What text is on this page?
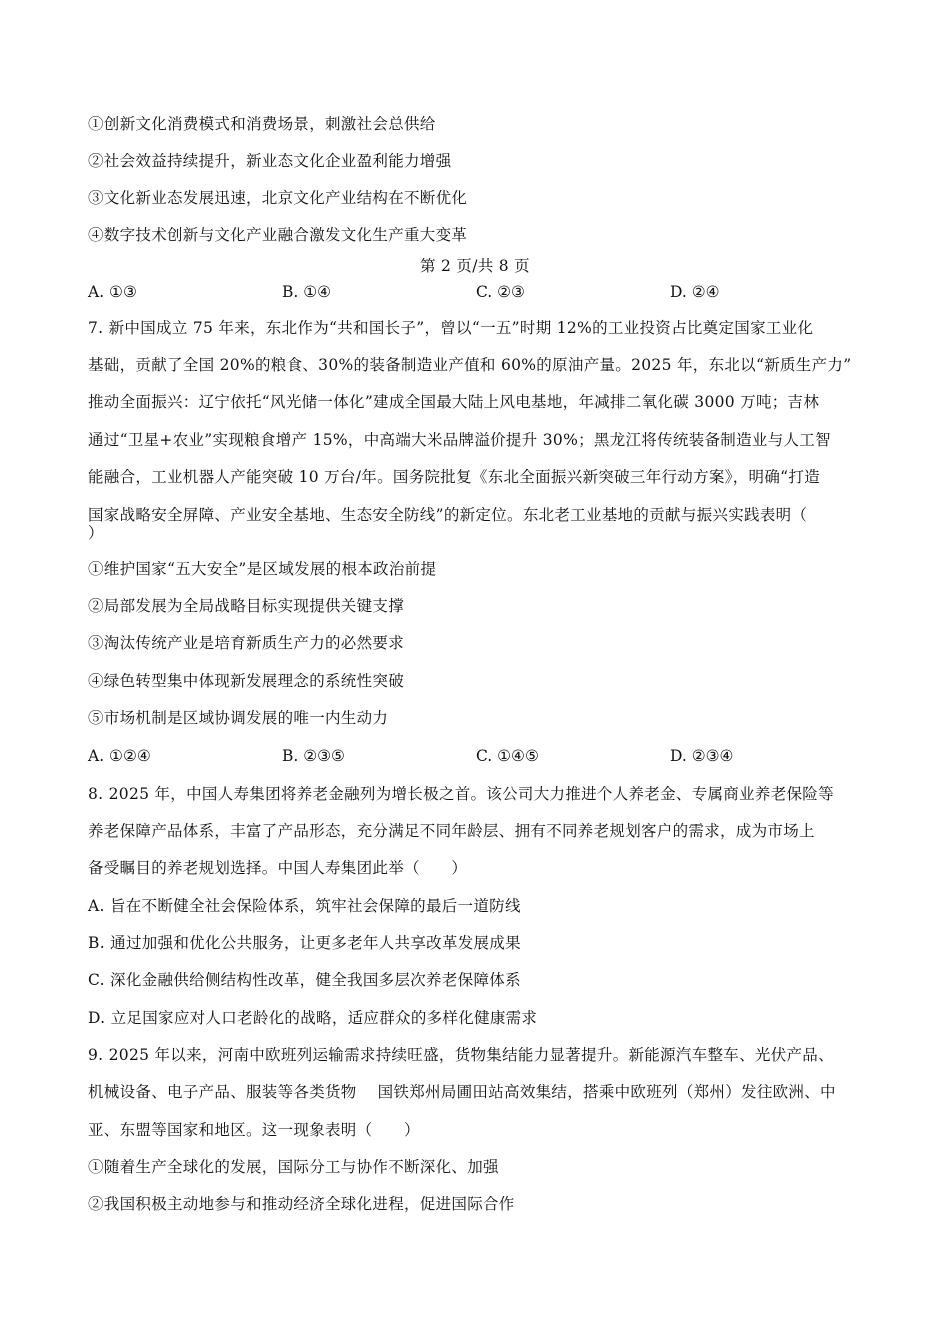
①创新文化消费模式和消费场景，刺激社会总供给
②社会效益持续提升，新业态文化企业盈利能力增强
③文化新业态发展迅速，北京文化产业结构在不断优化
④数字技术创新与文化产业融合激发文化生产重大变革
第 2 页/共 8 页
A. ①③	B. ①④	C. ②③	D. ②④
7. 新中国成立 75 年来，东北作为“共和国长子”，曾以“一五”时期 12%的工业投资占比奠定国家工业化
基础，贡献了全国 20%的粮食、30%的装备制造业产值和 60%的原油产量。2025 年，东北以“新质生产力”
推动全面振兴：辽宁依托“风光储一体化”建成全国最大陆上风电基地，年减排二氧化碳 3000 万吨；吉林
通过“卫星+农业”实现粮食增产 15%，中高端大米品牌溢价提升 30%；黑龙江将传统装备制造业与人工智
能融合，工业机器人产能突破 10 万台/年。国务院批复《东北全面振兴新突破三年行动方案》，明确“打造
国家战略安全屏障、产业安全基地、生态安全防线”的新定位。东北老工业基地的贡献与振兴实践表明（
）
①维护国家“五大安全”是区域发展的根本政治前提
②局部发展为全局战略目标实现提供关键支撑
③淘汰传统产业是培育新质生产力的必然要求
④绿色转型集中体现新发展理念的系统性突破
⑤市场机制是区域协调发展的唯一内生动力
A. ①②④	B. ②③⑤	C. ①④⑤	D. ②③④
8. 2025 年，中国人寿集团将养老金融列为增长极之首。该公司大力推进个人养老金、专属商业养老保险等
养老保障产品体系，丰富了产品形态，充分满足不同年龄层、拥有不同养老规划客户的需求，成为市场上
备受瞩目的养老规划选择。中国人寿集团此举（　　）
A. 旨在不断健全社会保险体系，筑牢社会保障的最后一道防线
B. 通过加强和优化公共服务，让更多老年人共享改革发展成果
C. 深化金融供给侧结构性改革，健全我国多层次养老保障体系
D. 立足国家应对人口老龄化的战略，适应群众的多样化健康需求
9. 2025 年以来，河南中欧班列运输需求持续旺盛，货物集结能力显著提升。新能源汽车整车、光伏产品、
机械设备、电子产品、服装等各类货物　 国铁郑州局圃田站高效集结，搭乘中欧班列（郑州）发往欧洲、中
亚、东盟等国家和地区。这一现象表明（　　）
①随着生产全球化的发展，国际分工与协作不断深化、加强
②我国积极主动地参与和推动经济全球化进程，促进国际合作
